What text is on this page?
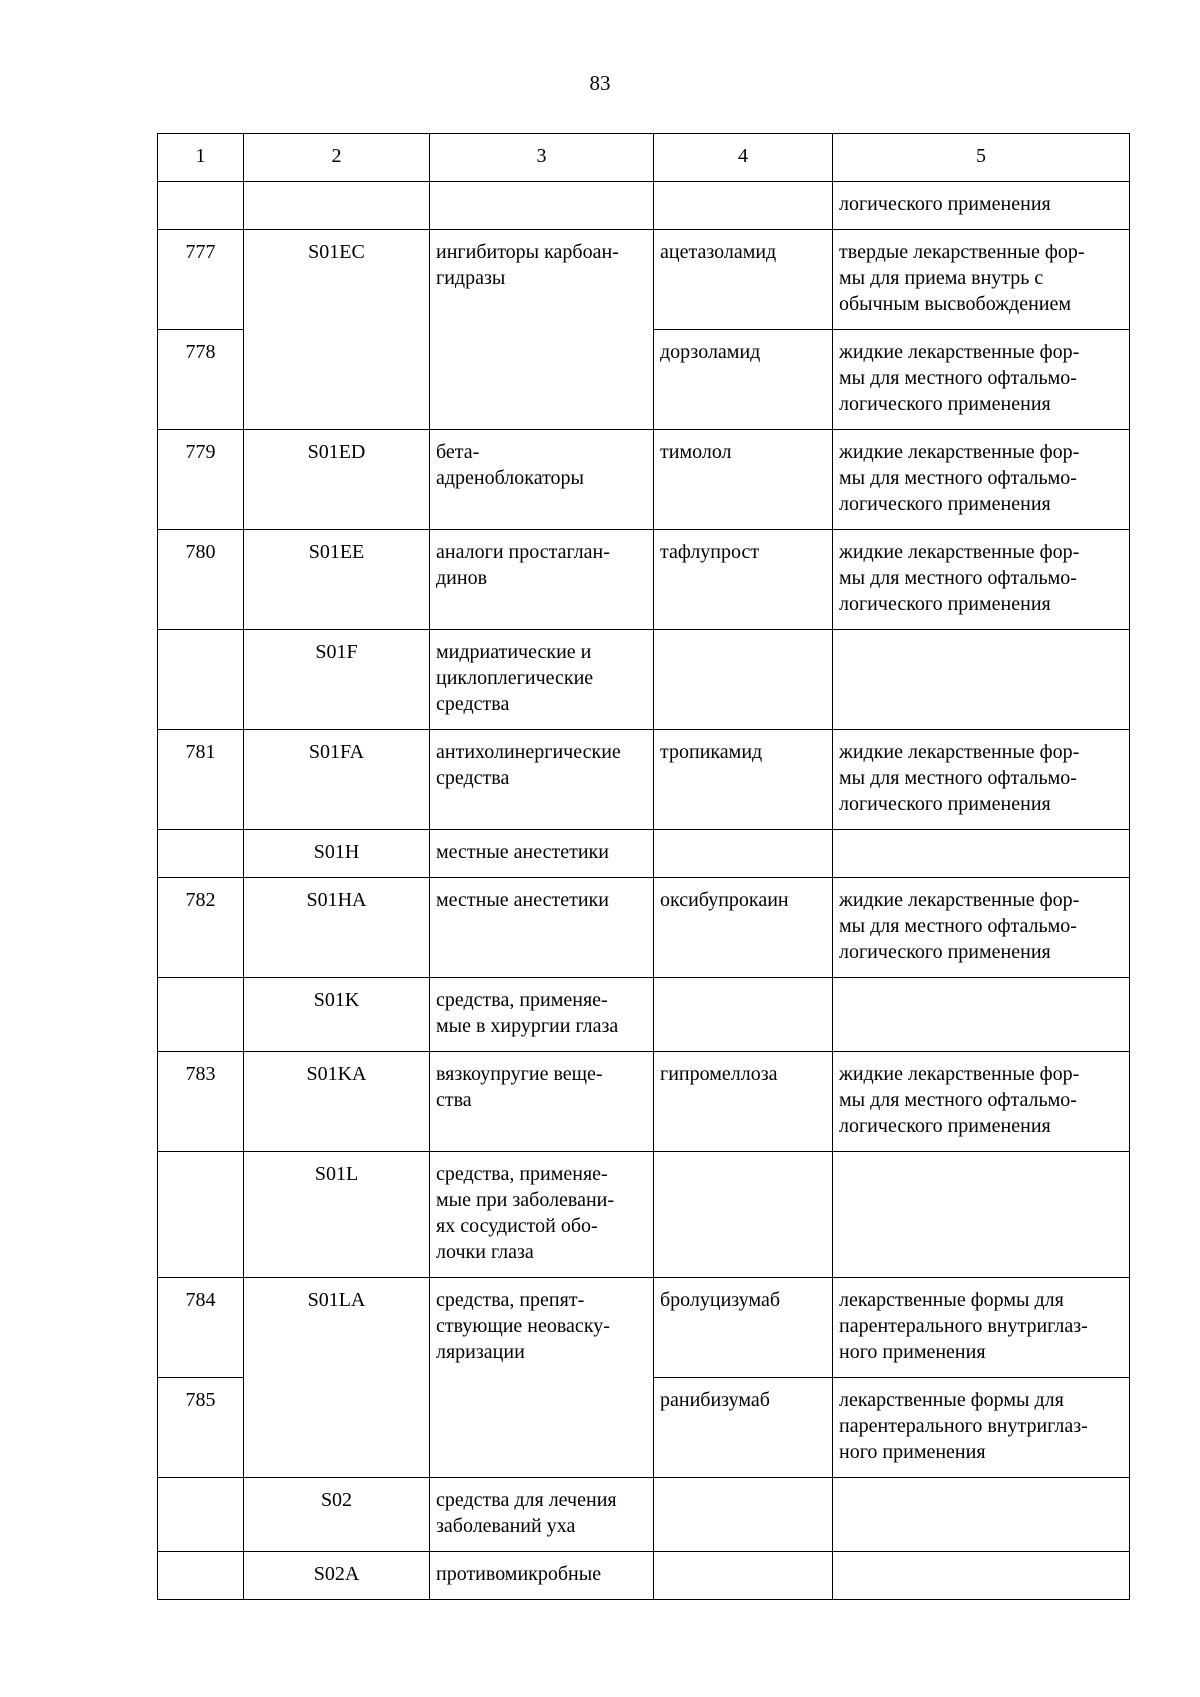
83
1	2	3	4	5
				логического применения
777	S01EC	ингибиторы карбоан-
гидразы	ацетазоламид	твердые лекарственные фор-
мы для приема внутрь с
обычным высвобождением
778			дорзоламид	жидкие лекарственные фор-
мы для местного офтальмо-
логического применения
779	S01ED	бета-
адреноблокаторы	тимолол	жидкие лекарственные фор-
мы для местного офтальмо-
логического применения
780	S01EE	аналоги простаглан-
динов	тафлупрост	жидкие лекарственные фор-
мы для местного офтальмо-
логического применения
	S01F	мидриатические и
циклоплегические
средства		
781	S01FA	антихолинергические
средства	тропикамид	жидкие лекарственные фор-
мы для местного офтальмо-
логического применения
	S01H	местные анестетики		
782	S01HA	местные анестетики	оксибупрокаин	жидкие лекарственные фор-
мы для местного офтальмо-
логического применения
	S01K	средства, применяе-
мые в хирургии глаза		
783	S01KA	вязкоупругие веще-
ства	гипромеллоза	жидкие лекарственные фор-
мы для местного офтальмо-
логического применения
	S01L	средства, применяе-
мые при заболевани-
ях сосудистой обо-
лочки глаза		
784	S01LA	средства, препят-
ствующие неоваску-
ляризации	бролуцизумаб	лекарственные формы для
парентерального внутриглаз-
ного применения
785			ранибизумаб	лекарственные формы для
парентерального внутриглаз-
ного применения
	S02	средства для лечения
заболеваний уха		
	S02A	противомикробные		
